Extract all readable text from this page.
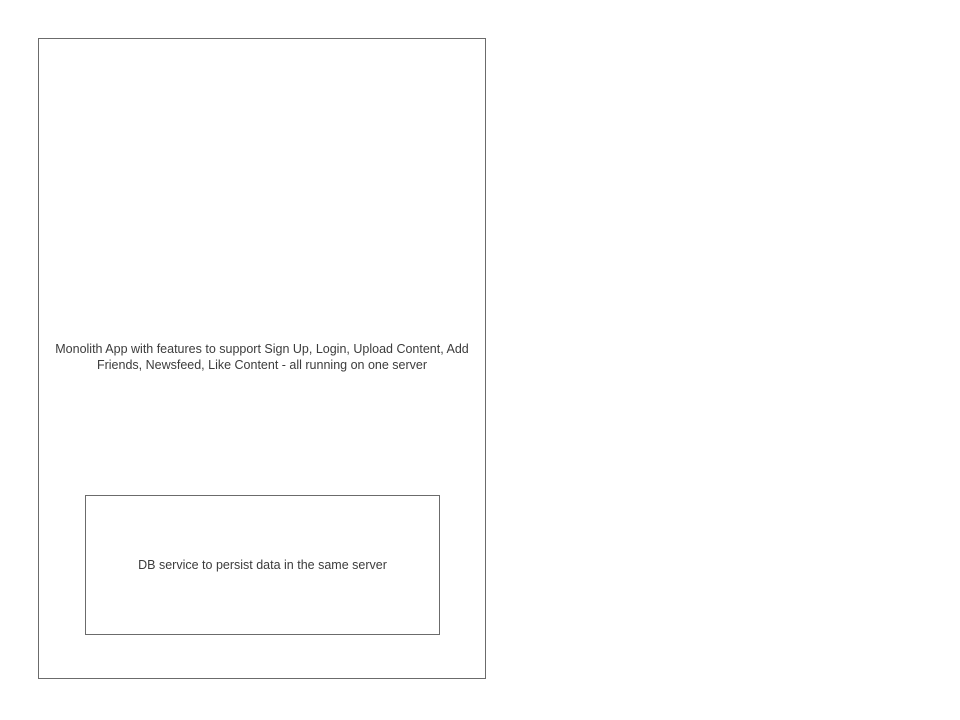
Monolith App with features to support Sign Up, Login, Upload Content, Add Friends, Newsfeed, Like Content - all running on one server
DB service to persist data in the same server
